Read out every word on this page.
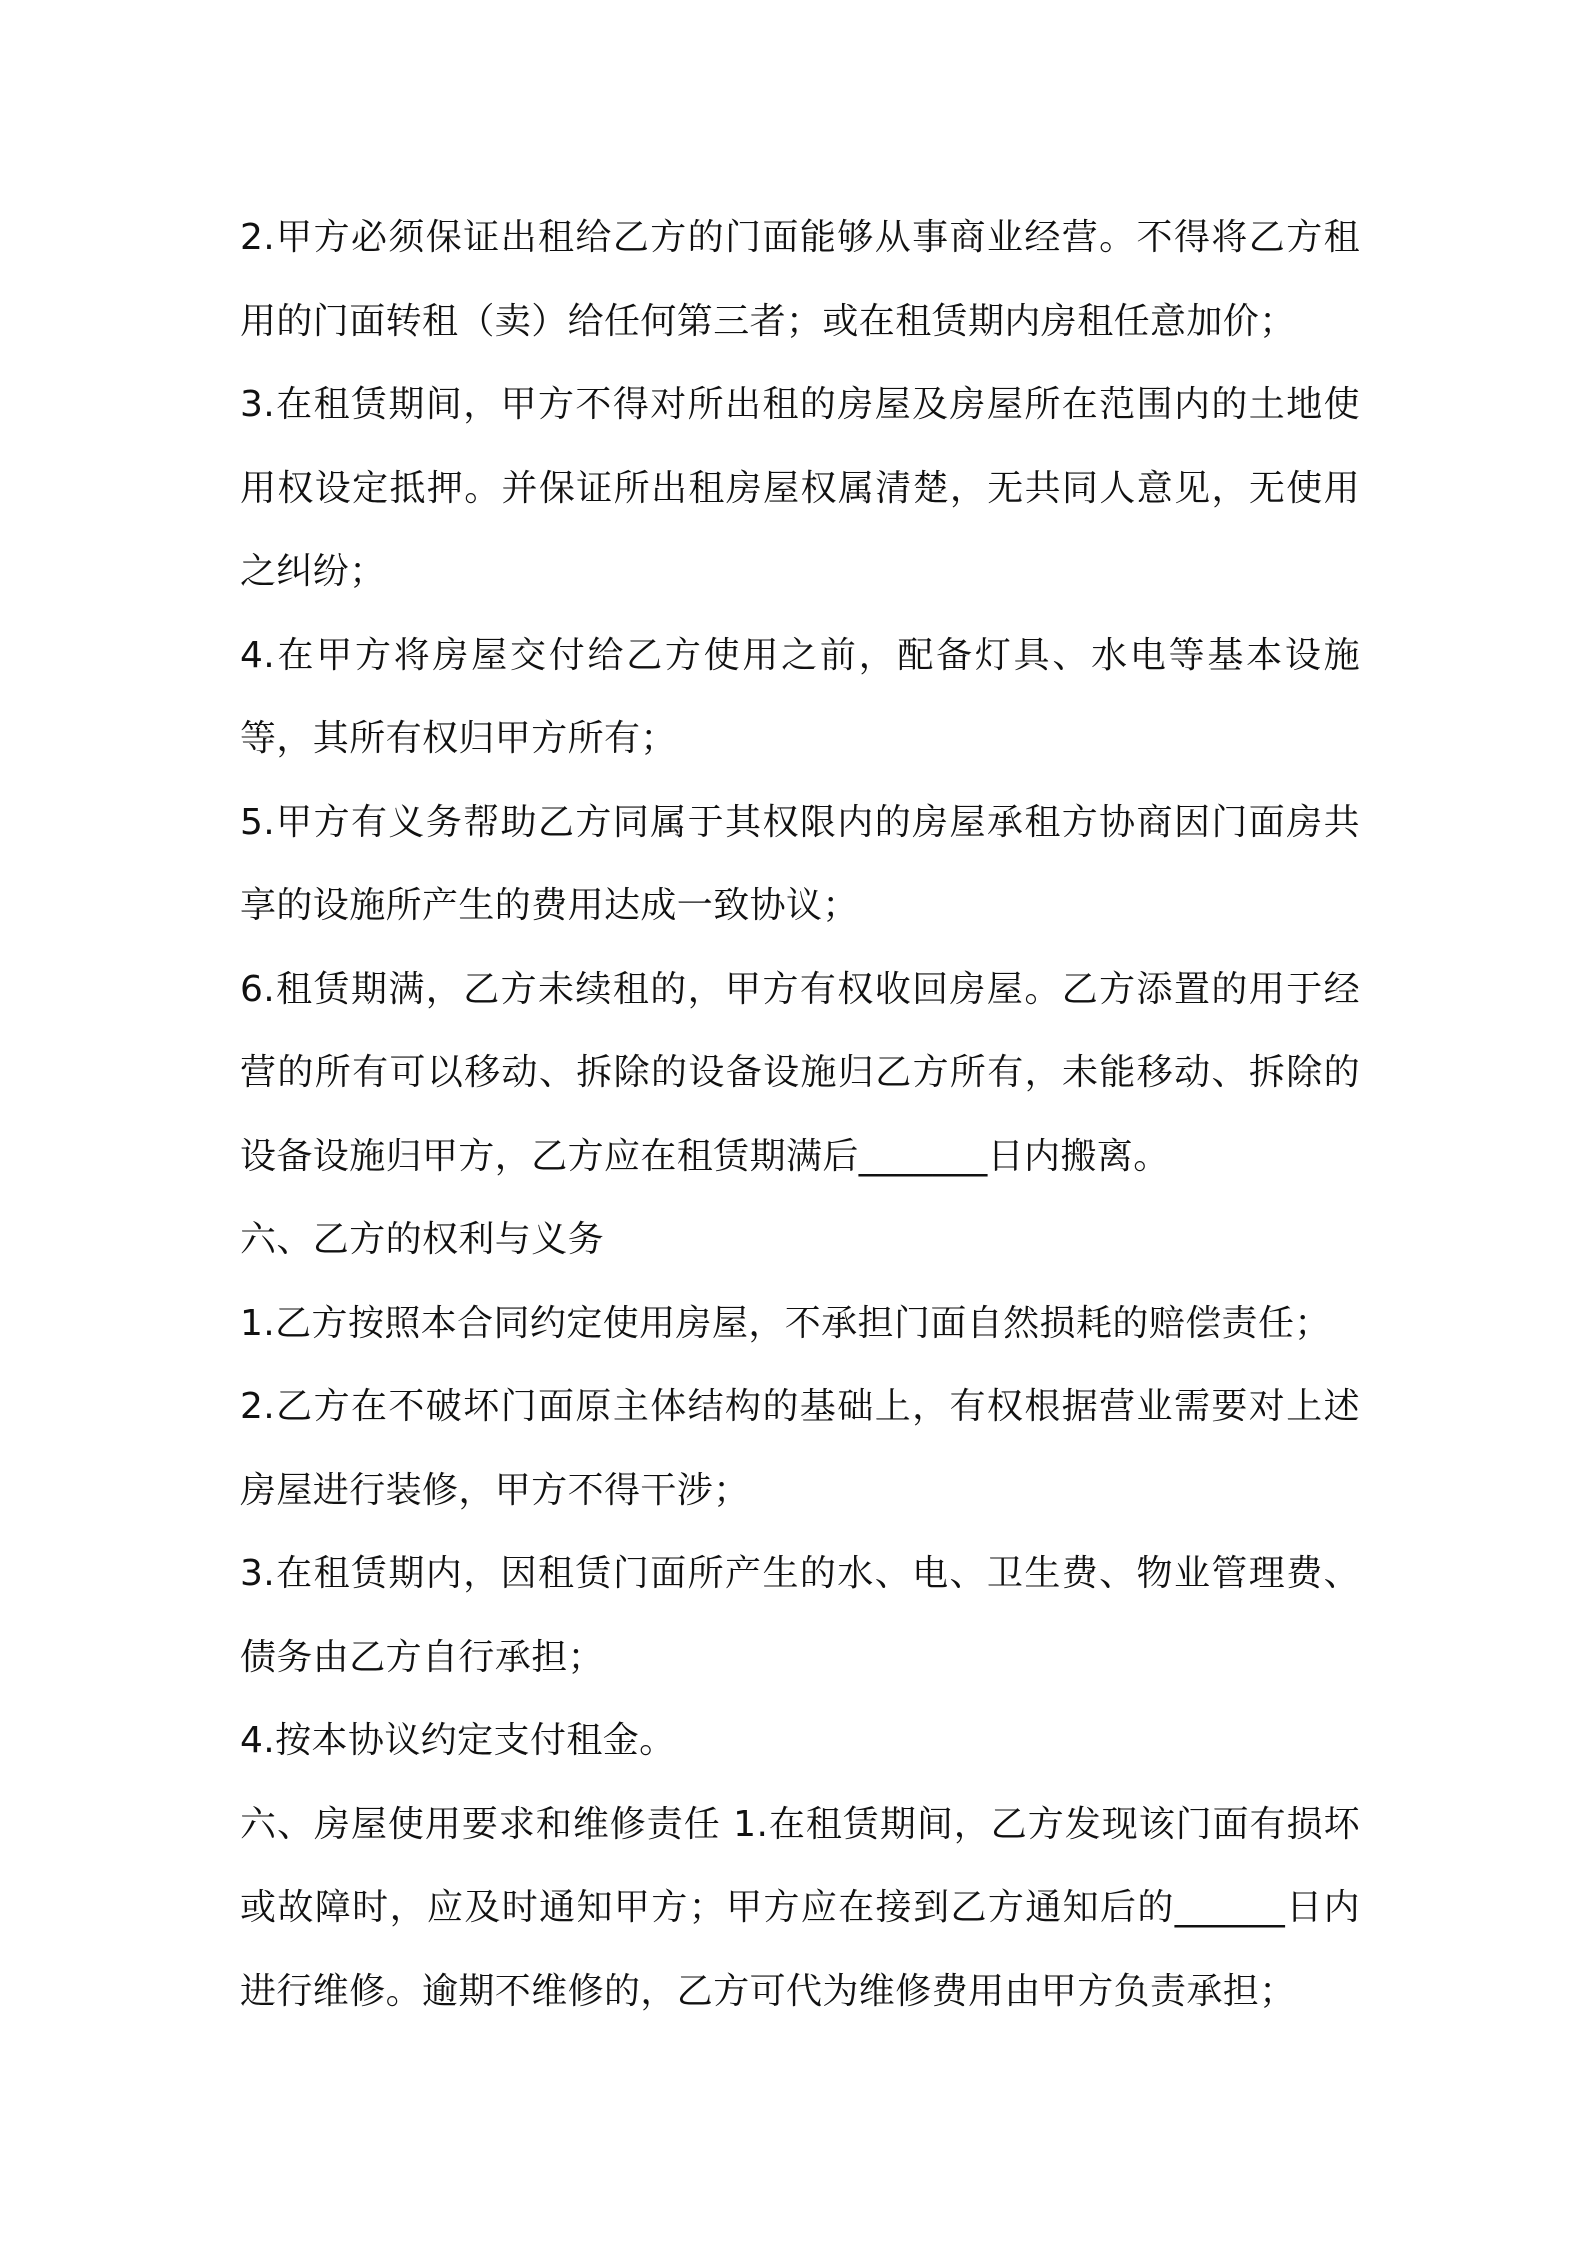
2.甲方必须保证出租给乙方的门面能够从事商业经营。不得将乙方租用的门面转租（卖）给任何第三者；或在租赁期内房租任意加价；

3.在租赁期间，甲方不得对所出租的房屋及房屋所在范围内的土地使用权设定抵押。并保证所出租房屋权属清楚，无共同人意见，无使用之纠纷；

4.在甲方将房屋交付给乙方使用之前，配备灯具、水电等基本设施等，其所有权归甲方所有；

5.甲方有义务帮助乙方同属于其权限内的房屋承租方协商因门面房共享的设施所产生的费用达成一致协议；

6.租赁期满，乙方未续租的，甲方有权收回房屋。乙方添置的用于经营的所有可以移动、拆除的设备设施归乙方所有，未能移动、拆除的设备设施归甲方，乙方应在租赁期满后_______日内搬离。

六、乙方的权利与义务

1.乙方按照本合同约定使用房屋，不承担门面自然损耗的赔偿责任；

2.乙方在不破坏门面原主体结构的基础上，有权根据营业需要对上述房屋进行装修，甲方不得干涉；

3.在租赁期内，因租赁门面所产生的水、电、卫生费、物业管理费、债务由乙方自行承担；

4.按本协议约定支付租金。

六、房屋使用要求和维修责任 1.在租赁期间，乙方发现该门面有损坏或故障时，应及时通知甲方；甲方应在接到乙方通知后的______日内进行维修。逾期不维修的，乙方可代为维修费用由甲方负责承担；
